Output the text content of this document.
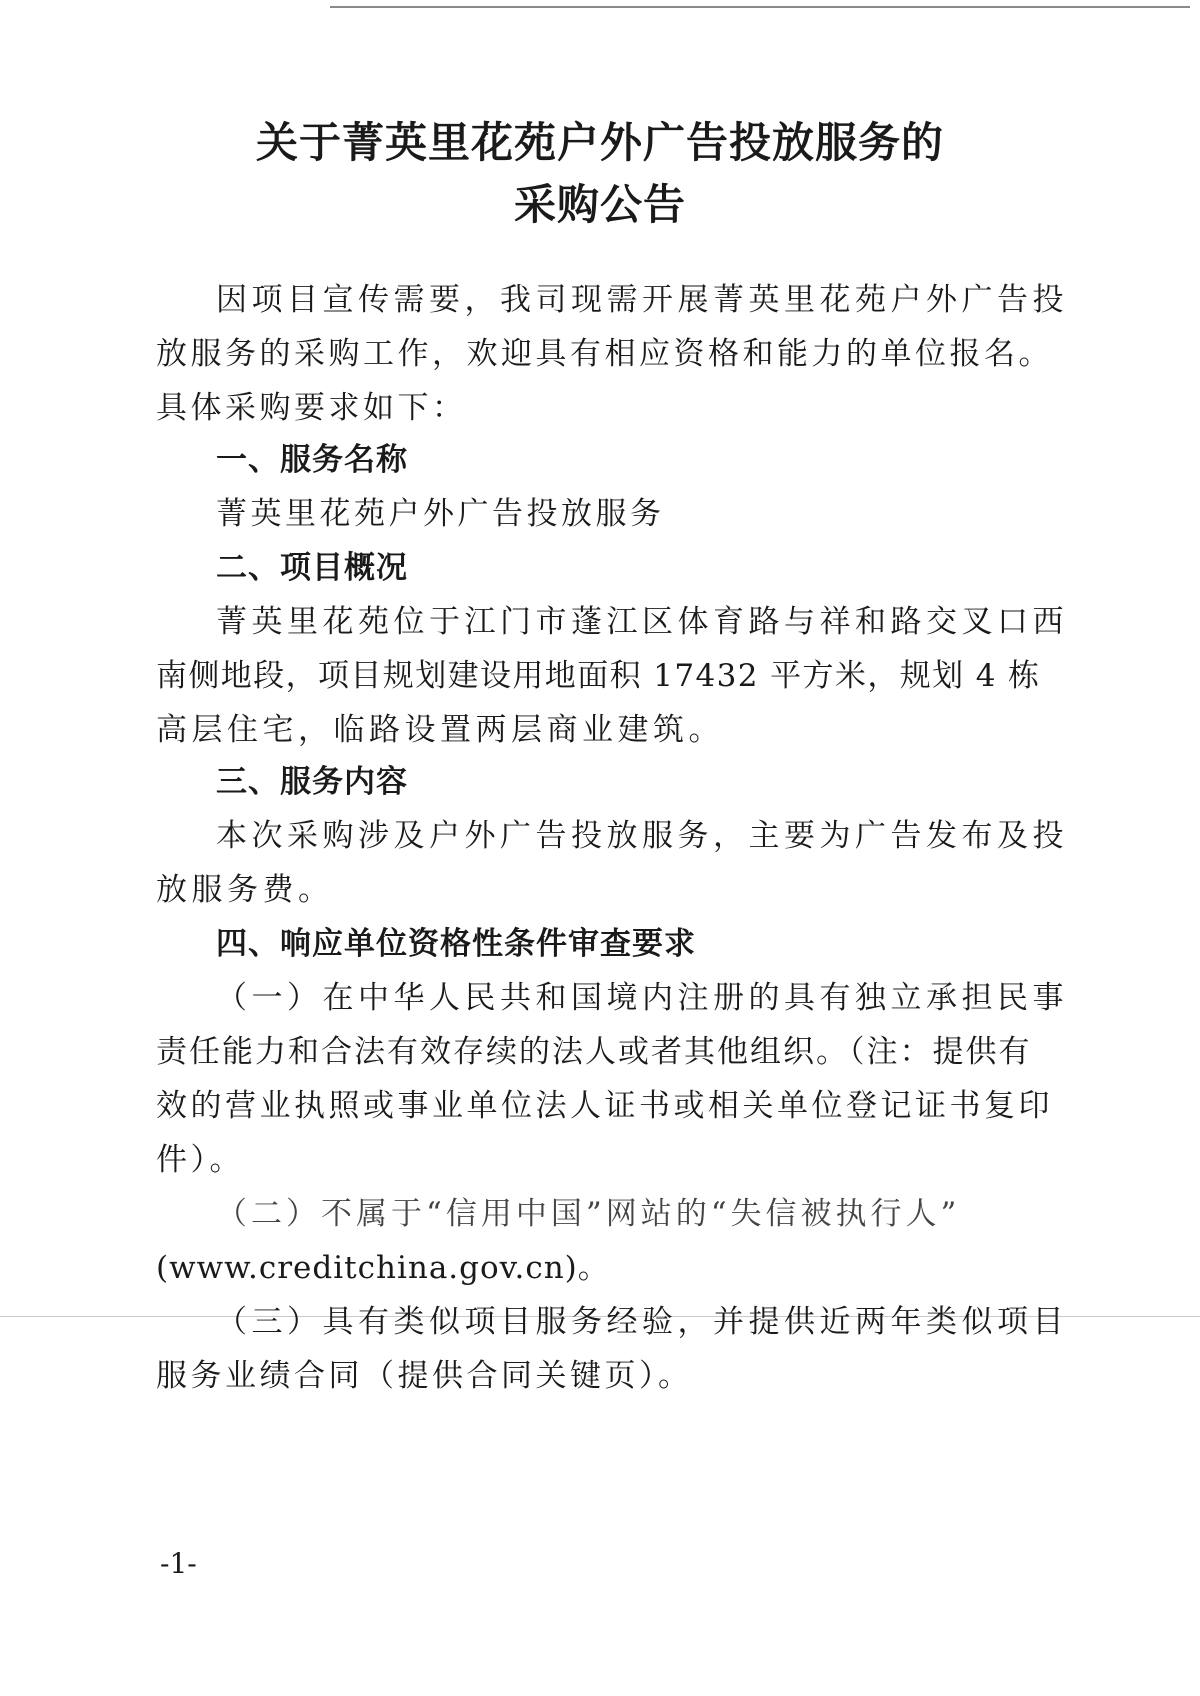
关于菁英里花苑户外广告投放服务的
采购公告

因项目宣传需要，我司现需开展菁英里花苑户外广告投

放服务的采购工作，欢迎具有相应资格和能力的单位报名。

具体采购要求如下：

一、服务名称

菁英里花苑户外广告投放服务

二、项目概况

菁英里花苑位于江门市蓬江区体育路与祥和路交叉口西

南侧地段，项目规划建设用地面积 17432 平方米，规划 4 栋

高层住宅，临路设置两层商业建筑。

三、服务内容

本次采购涉及户外广告投放服务，主要为广告发布及投

放服务费。

四、响应单位资格性条件审查要求

（一）在中华人民共和国境内注册的具有独立承担民事

责任能力和合法有效存续的法人或者其他组织。（注：提供有

效的营业执照或事业单位法人证书或相关单位登记证书复印

件）。

（二）不属于“信用中国”网站的“失信被执行人”

(www.creditchina.gov.cn)。

（三）具有类似项目服务经验，并提供近两年类似项目

服务业绩合同（提供合同关键页）。

-1-
